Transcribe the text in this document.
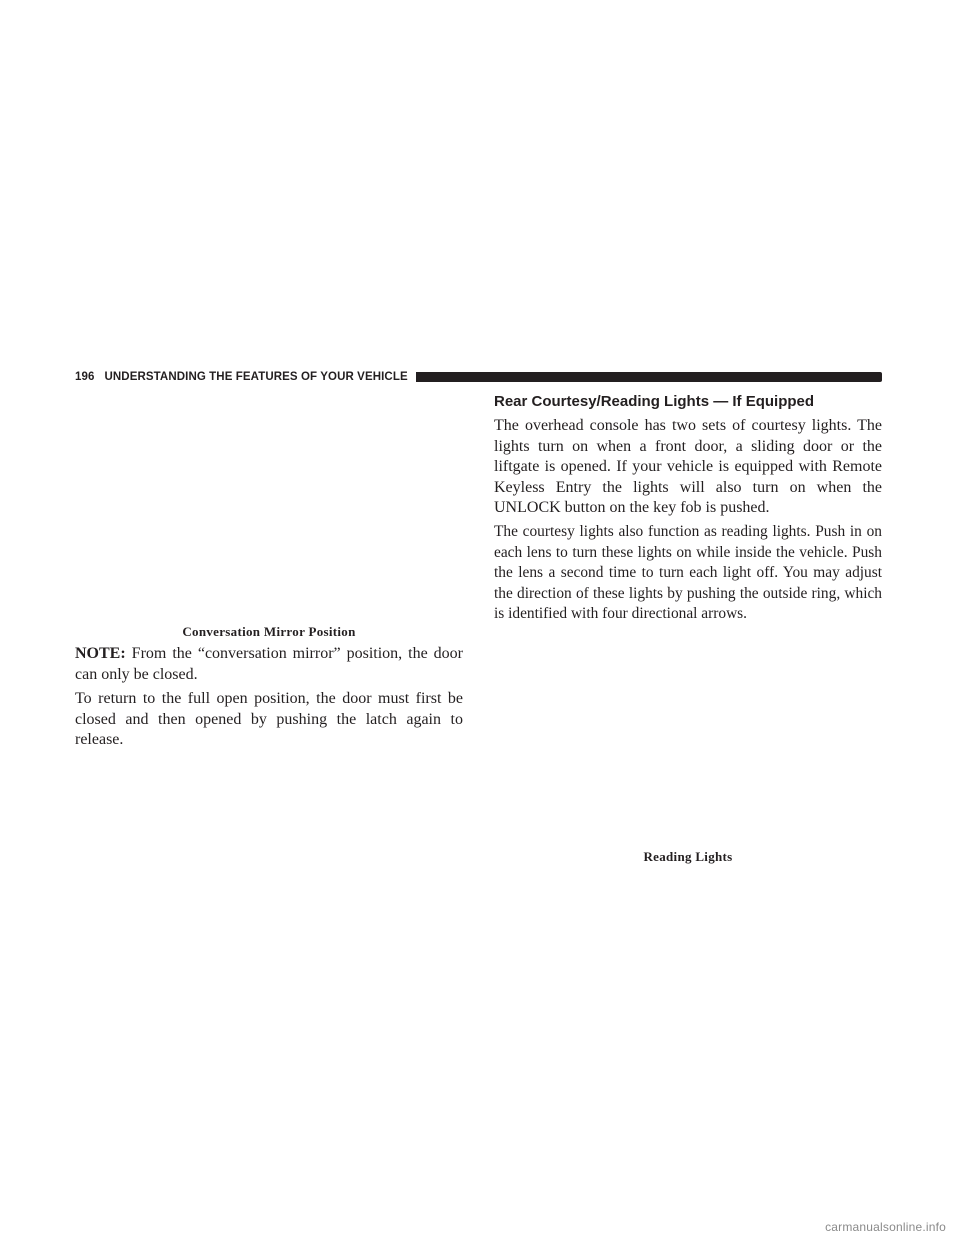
196 UNDERSTANDING THE FEATURES OF YOUR VEHICLE
Conversation Mirror Position

NOTE: From the “conversation mirror” position, the door can only be closed.

To return to the full open position, the door must first be closed and then opened by pushing the latch again to release.

Rear Courtesy/Reading Lights — If Equipped

The overhead console has two sets of courtesy lights. The lights turn on when a front door, a sliding door or the liftgate is opened. If your vehicle is equipped with Remote Keyless Entry the lights will also turn on when the UNLOCK button on the key fob is pushed.

The courtesy lights also function as reading lights. Push in on each lens to turn these lights on while inside the vehicle. Push the lens a second time to turn each light off. You may adjust the direction of these lights by pushing the outside ring, which is identified with four directional arrows.

Reading Lights
carmanualsonline.info
